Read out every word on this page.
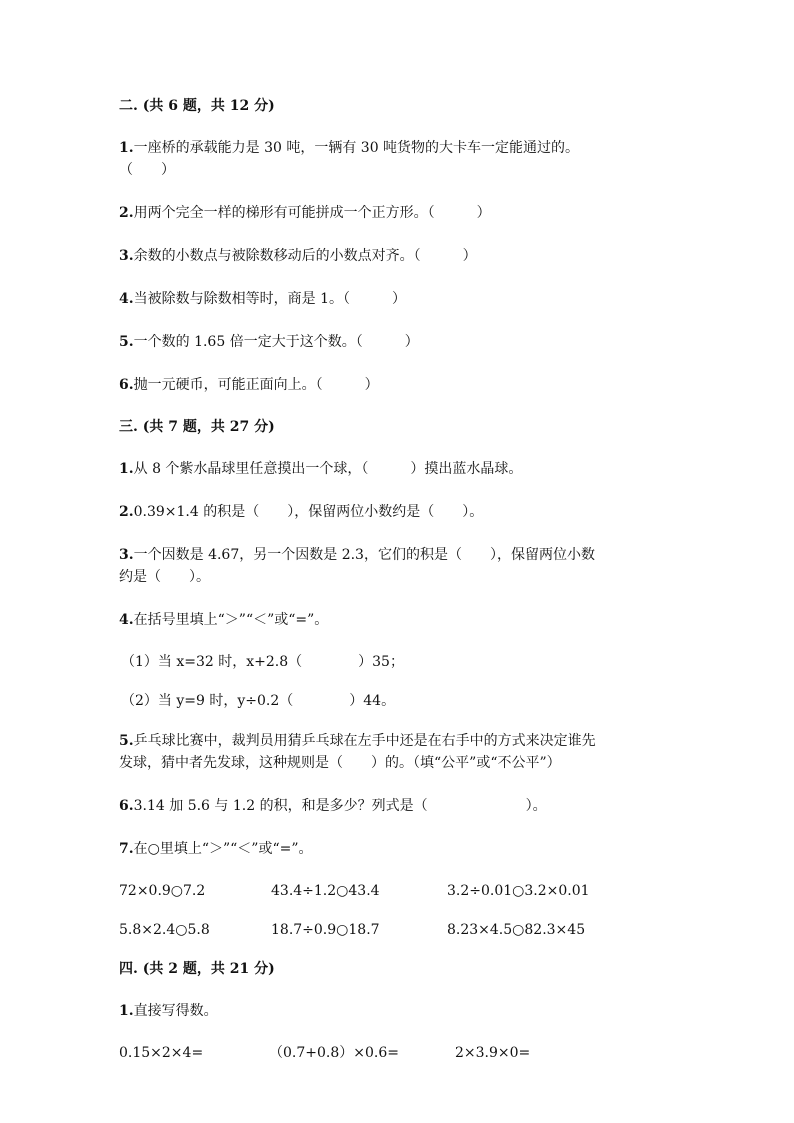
二. (共 6 题，共 12 分)
1.一座桥的承载能力是 30 吨，一辆有 30 吨货物的大卡车一定能通过的。
（　　）
2.用两个完全一样的梯形有可能拼成一个正方形。（　　　）
3.余数的小数点与被除数移动后的小数点对齐。（　　　）
4.当被除数与除数相等时，商是 1。（　　　）
5.一个数的 1.65 倍一定大于这个数。（　　　）
6.抛一元硬币，可能正面向上。（　　　）
三. (共 7 题，共 27 分)
1.从 8 个紫水晶球里任意摸出一个球，（　　　）摸出蓝水晶球。
2.0.39×1.4 的积是（　　），保留两位小数约是（　　）。
3.一个因数是 4.67，另一个因数是 2.3，它们的积是（　　），保留两位小数
约是（　　）。
4.在括号里填上“＞”“＜”或“=”。
（1）当 x=32 时，x+2.8（　　　　）35；
（2）当 y=9 时，y÷0.2（　　　　）44。
5.乒乓球比赛中，裁判员用猜乒乓球在左手中还是在右手中的方式来决定谁先
发球，猜中者先发球，这种规则是（　　）的。（填“公平”或“不公平”）
6.3.14 加 5.6 与 1.2 的积，和是多少？列式是（　　　　　　　）。
7.在○里填上“＞”“＜”或“=”。
72×0.9○7.2	43.4÷1.2○43.4	3.2÷0.01○3.2×0.01
5.8×2.4○5.8	18.7÷0.9○18.7	8.23×4.5○82.3×45
四. (共 2 题，共 21 分)
1.直接写得数。
0.15×2×4=	（0.7+0.8）×0.6=	2×3.9×0=
